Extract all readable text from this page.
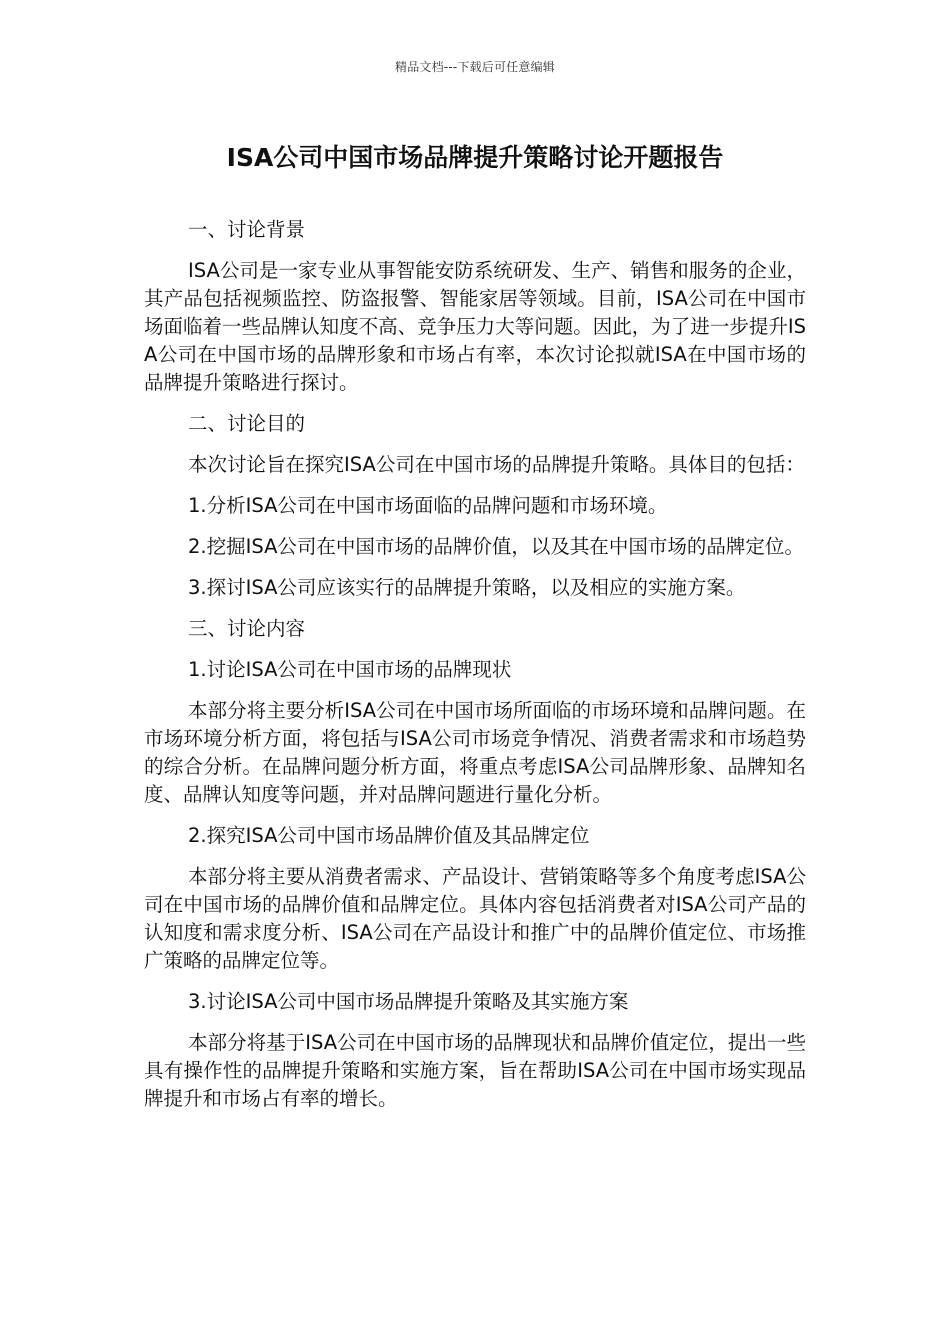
精品文档---下载后可任意编辑
ISA公司中国市场品牌提升策略讨论开题报告

一、讨论背景

ISA公司是一家专业从事智能安防系统研发、生产、销售和服务的企业，其产品包括视频监控、防盗报警、智能家居等领域。目前，ISA公司在中国市场面临着一些品牌认知度不高、竞争压力大等问题。因此，为了进一步提升ISA公司在中国市场的品牌形象和市场占有率，本次讨论拟就ISA在中国市场的品牌提升策略进行探讨。

二、讨论目的

本次讨论旨在探究ISA公司在中国市场的品牌提升策略。具体目的包括：

1.分析ISA公司在中国市场面临的品牌问题和市场环境。

2.挖掘ISA公司在中国市场的品牌价值，以及其在中国市场的品牌定位。

3.探讨ISA公司应该实行的品牌提升策略，以及相应的实施方案。

三、讨论内容

1.讨论ISA公司在中国市场的品牌现状

本部分将主要分析ISA公司在中国市场所面临的市场环境和品牌问题。在市场环境分析方面，将包括与ISA公司市场竞争情况、消费者需求和市场趋势的综合分析。在品牌问题分析方面，将重点考虑ISA公司品牌形象、品牌知名度、品牌认知度等问题，并对品牌问题进行量化分析。

2.探究ISA公司中国市场品牌价值及其品牌定位

本部分将主要从消费者需求、产品设计、营销策略等多个角度考虑ISA公司在中国市场的品牌价值和品牌定位。具体内容包括消费者对ISA公司产品的认知度和需求度分析、ISA公司在产品设计和推广中的品牌价值定位、市场推广策略的品牌定位等。

3.讨论ISA公司中国市场品牌提升策略及其实施方案

本部分将基于ISA公司在中国市场的品牌现状和品牌价值定位，提出一些具有操作性的品牌提升策略和实施方案，旨在帮助ISA公司在中国市场实现品牌提升和市场占有率的增长。
